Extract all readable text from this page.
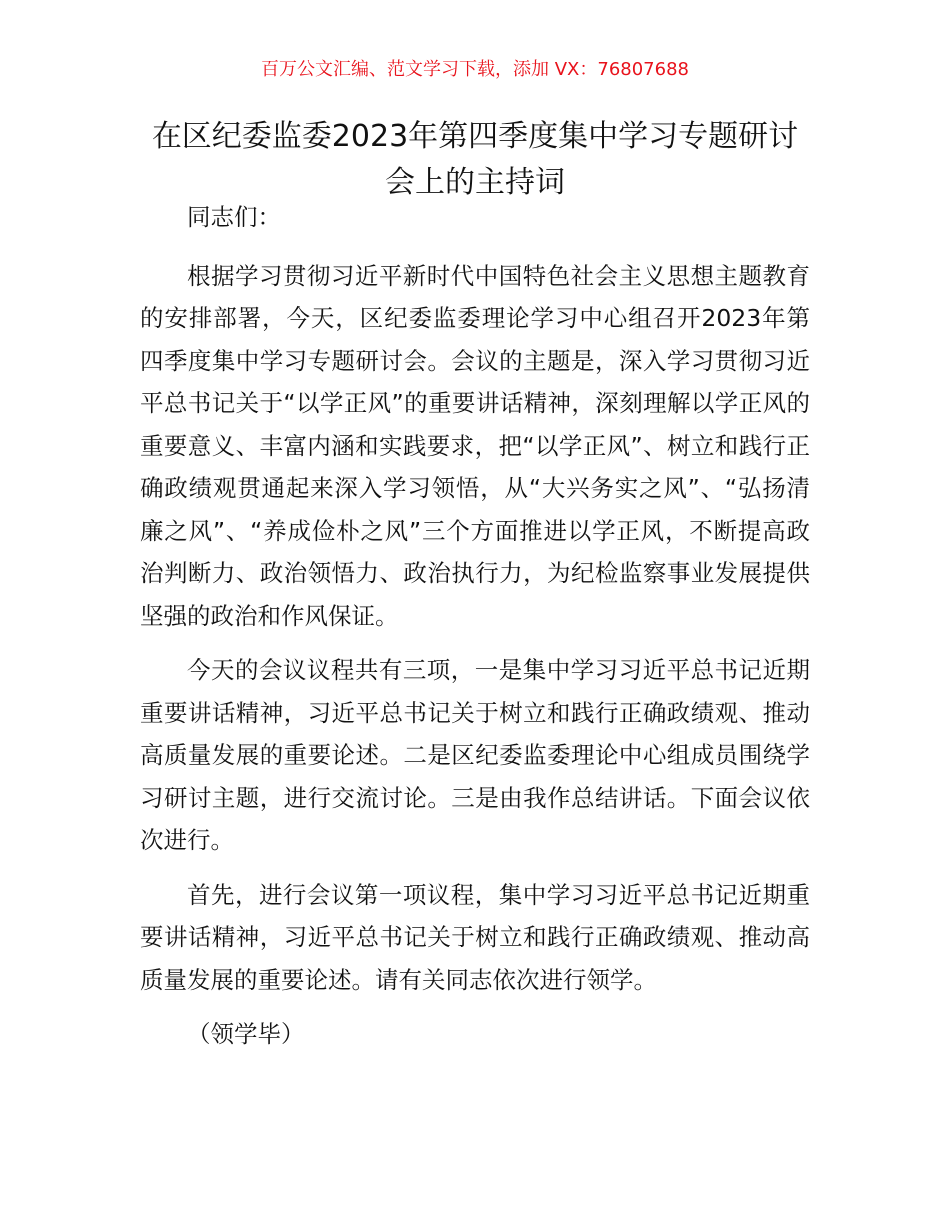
百万公文汇编、范文学习下载，添加 VX：76807688
在区纪委监委2023年第四季度集中学习专题研讨会上的主持词

同志们：

根据学习贯彻习近平新时代中国特色社会主义思想主题教育的安排部署，今天，区纪委监委理论学习中心组召开2023年第四季度集中学习专题研讨会。会议的主题是，深入学习贯彻习近平总书记关于“以学正风”的重要讲话精神，深刻理解以学正风的重要意义、丰富内涵和实践要求，把“以学正风”、树立和践行正确政绩观贯通起来深入学习领悟，从“大兴务实之风”、“弘扬清廉之风”、“养成俭朴之风”三个方面推进以学正风，不断提高政治判断力、政治领悟力、政治执行力，为纪检监察事业发展提供坚强的政治和作风保证。

今天的会议议程共有三项，一是集中学习习近平总书记近期重要讲话精神，习近平总书记关于树立和践行正确政绩观、推动高质量发展的重要论述。二是区纪委监委理论中心组成员围绕学习研讨主题，进行交流讨论。三是由我作总结讲话。下面会议依次进行。

首先，进行会议第一项议程，集中学习习近平总书记近期重要讲话精神，习近平总书记关于树立和践行正确政绩观、推动高质量发展的重要论述。请有关同志依次进行领学。

（领学毕）
